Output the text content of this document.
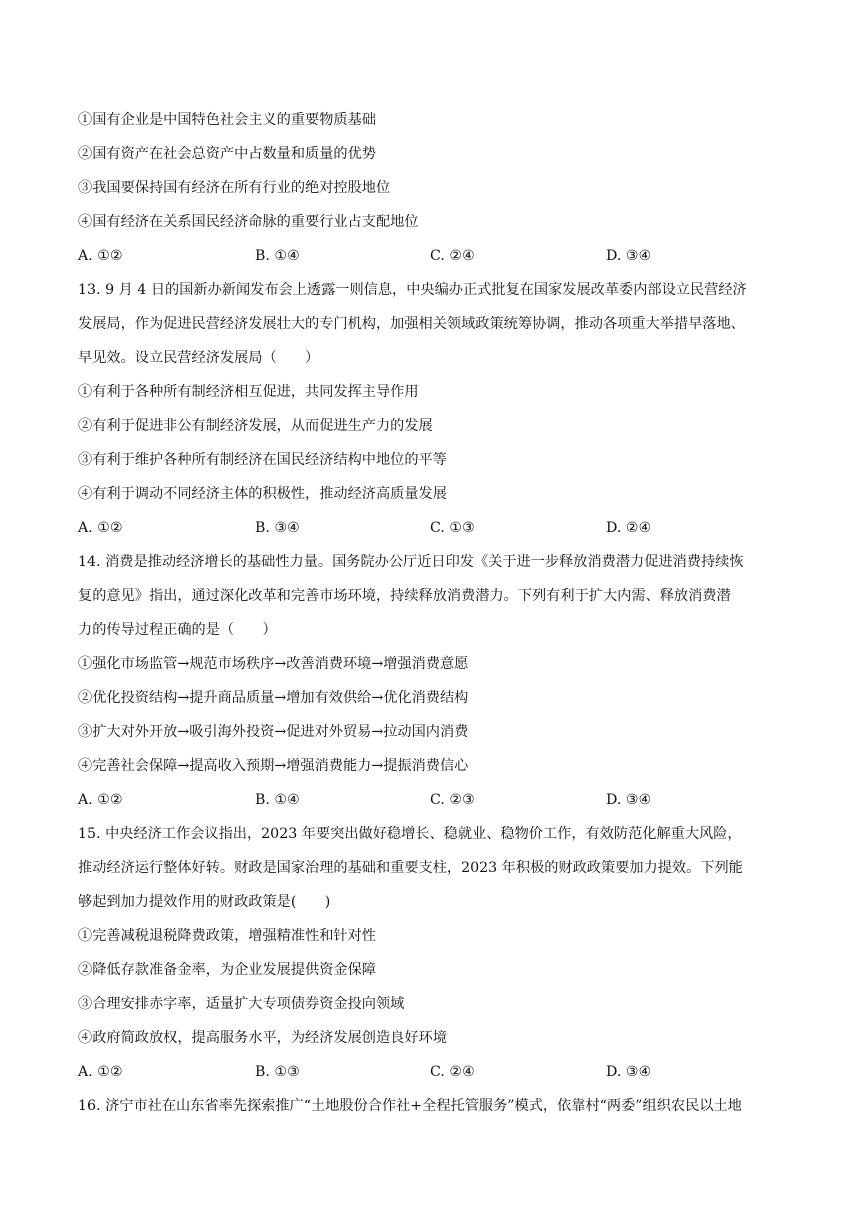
①国有企业是中国特色社会主义的重要物质基础
②国有资产在社会总资产中占数量和质量的优势
③我国要保持国有经济在所有行业的绝对控股地位
④国有经济在关系国民经济命脉的重要行业占支配地位
A. ①②	B. ①④	C. ②④	D. ③④
13. 9 月 4 日的国新办新闻发布会上透露一则信息，中央编办正式批复在国家发展改革委内部设立民营经济
发展局，作为促进民营经济发展壮大的专门机构，加强相关领域政策统筹协调，推动各项重大举措早落地、
早见效。设立民营经济发展局（　　）
①有利于各种所有制经济相互促进，共同发挥主导作用
②有利于促进非公有制经济发展，从而促进生产力的发展
③有利于维护各种所有制经济在国民经济结构中地位的平等
④有利于调动不同经济主体的积极性，推动经济高质量发展
A. ①②	B. ③④	C. ①③	D. ②④
14. 消费是推动经济增长的基础性力量。国务院办公厅近日印发《关于进一步释放消费潜力促进消费持续恢
复的意见》指出，通过深化改革和完善市场环境，持续释放消费潜力。下列有利于扩大内需、释放消费潜
力的传导过程正确的是（　　）
①强化市场监管→规范市场秩序→改善消费环境→增强消费意愿
②优化投资结构→提升商品质量→增加有效供给→优化消费结构
③扩大对外开放→吸引海外投资→促进对外贸易→拉动国内消费
④完善社会保障→提高收入预期→增强消费能力→提振消费信心
A. ①②	B. ①④	C. ②③	D. ③④
15. 中央经济工作会议指出，2023 年要突出做好稳增长、稳就业、稳物价工作，有效防范化解重大风险，
推动经济运行整体好转。财政是国家治理的基础和重要支柱，2023 年积极的财政政策要加力提效。下列能
够起到加力提效作用的财政政策是(　　)
①完善减税退税降费政策，增强精准性和针对性
②降低存款准备金率，为企业发展提供资金保障
③合理安排赤字率，适量扩大专项债券资金投向领域
④政府简政放权，提高服务水平，为经济发展创造良好环境
A. ①②	B. ①③	C. ②④	D. ③④
16. 济宁市社在山东省率先探索推广“土地股份合作社+全程托管服务”模式，依靠村“两委”组织农民以土地
